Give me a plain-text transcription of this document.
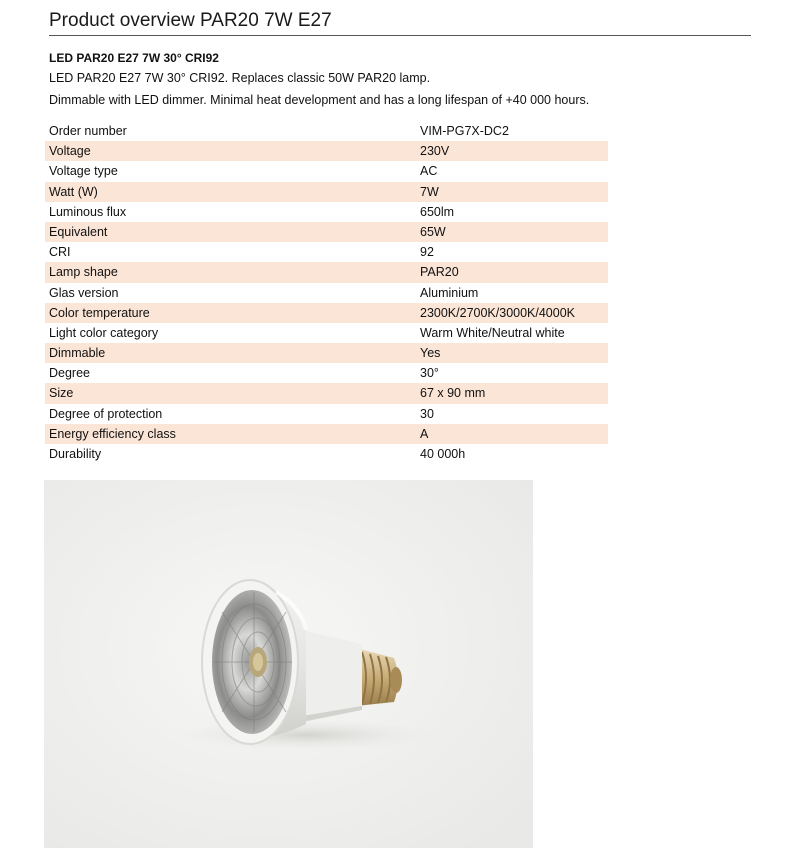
Product overview PAR20 7W E27
LED PAR20 E27 7W 30° CRI92
LED PAR20 E27 7W 30° CRI92. Replaces classic 50W PAR20 lamp.
Dimmable with LED dimmer. Minimal heat development and has a long lifespan of +40 000 hours.
Order number	VIM-PG7X-DC2
Voltage	230V
Voltage type	AC
Watt (W)	7W
Luminous flux	650lm
Equivalent	65W
CRI	92
Lamp shape	PAR20
Glas version	Aluminium
Color temperature	2300K/2700K/3000K/4000K
Light color category	Warm White/Neutral white
Dimmable	Yes
Degree	30°
Size	67 x 90 mm
Degree of protection	30
Energy efficiency class	A
Durability	40 000h
